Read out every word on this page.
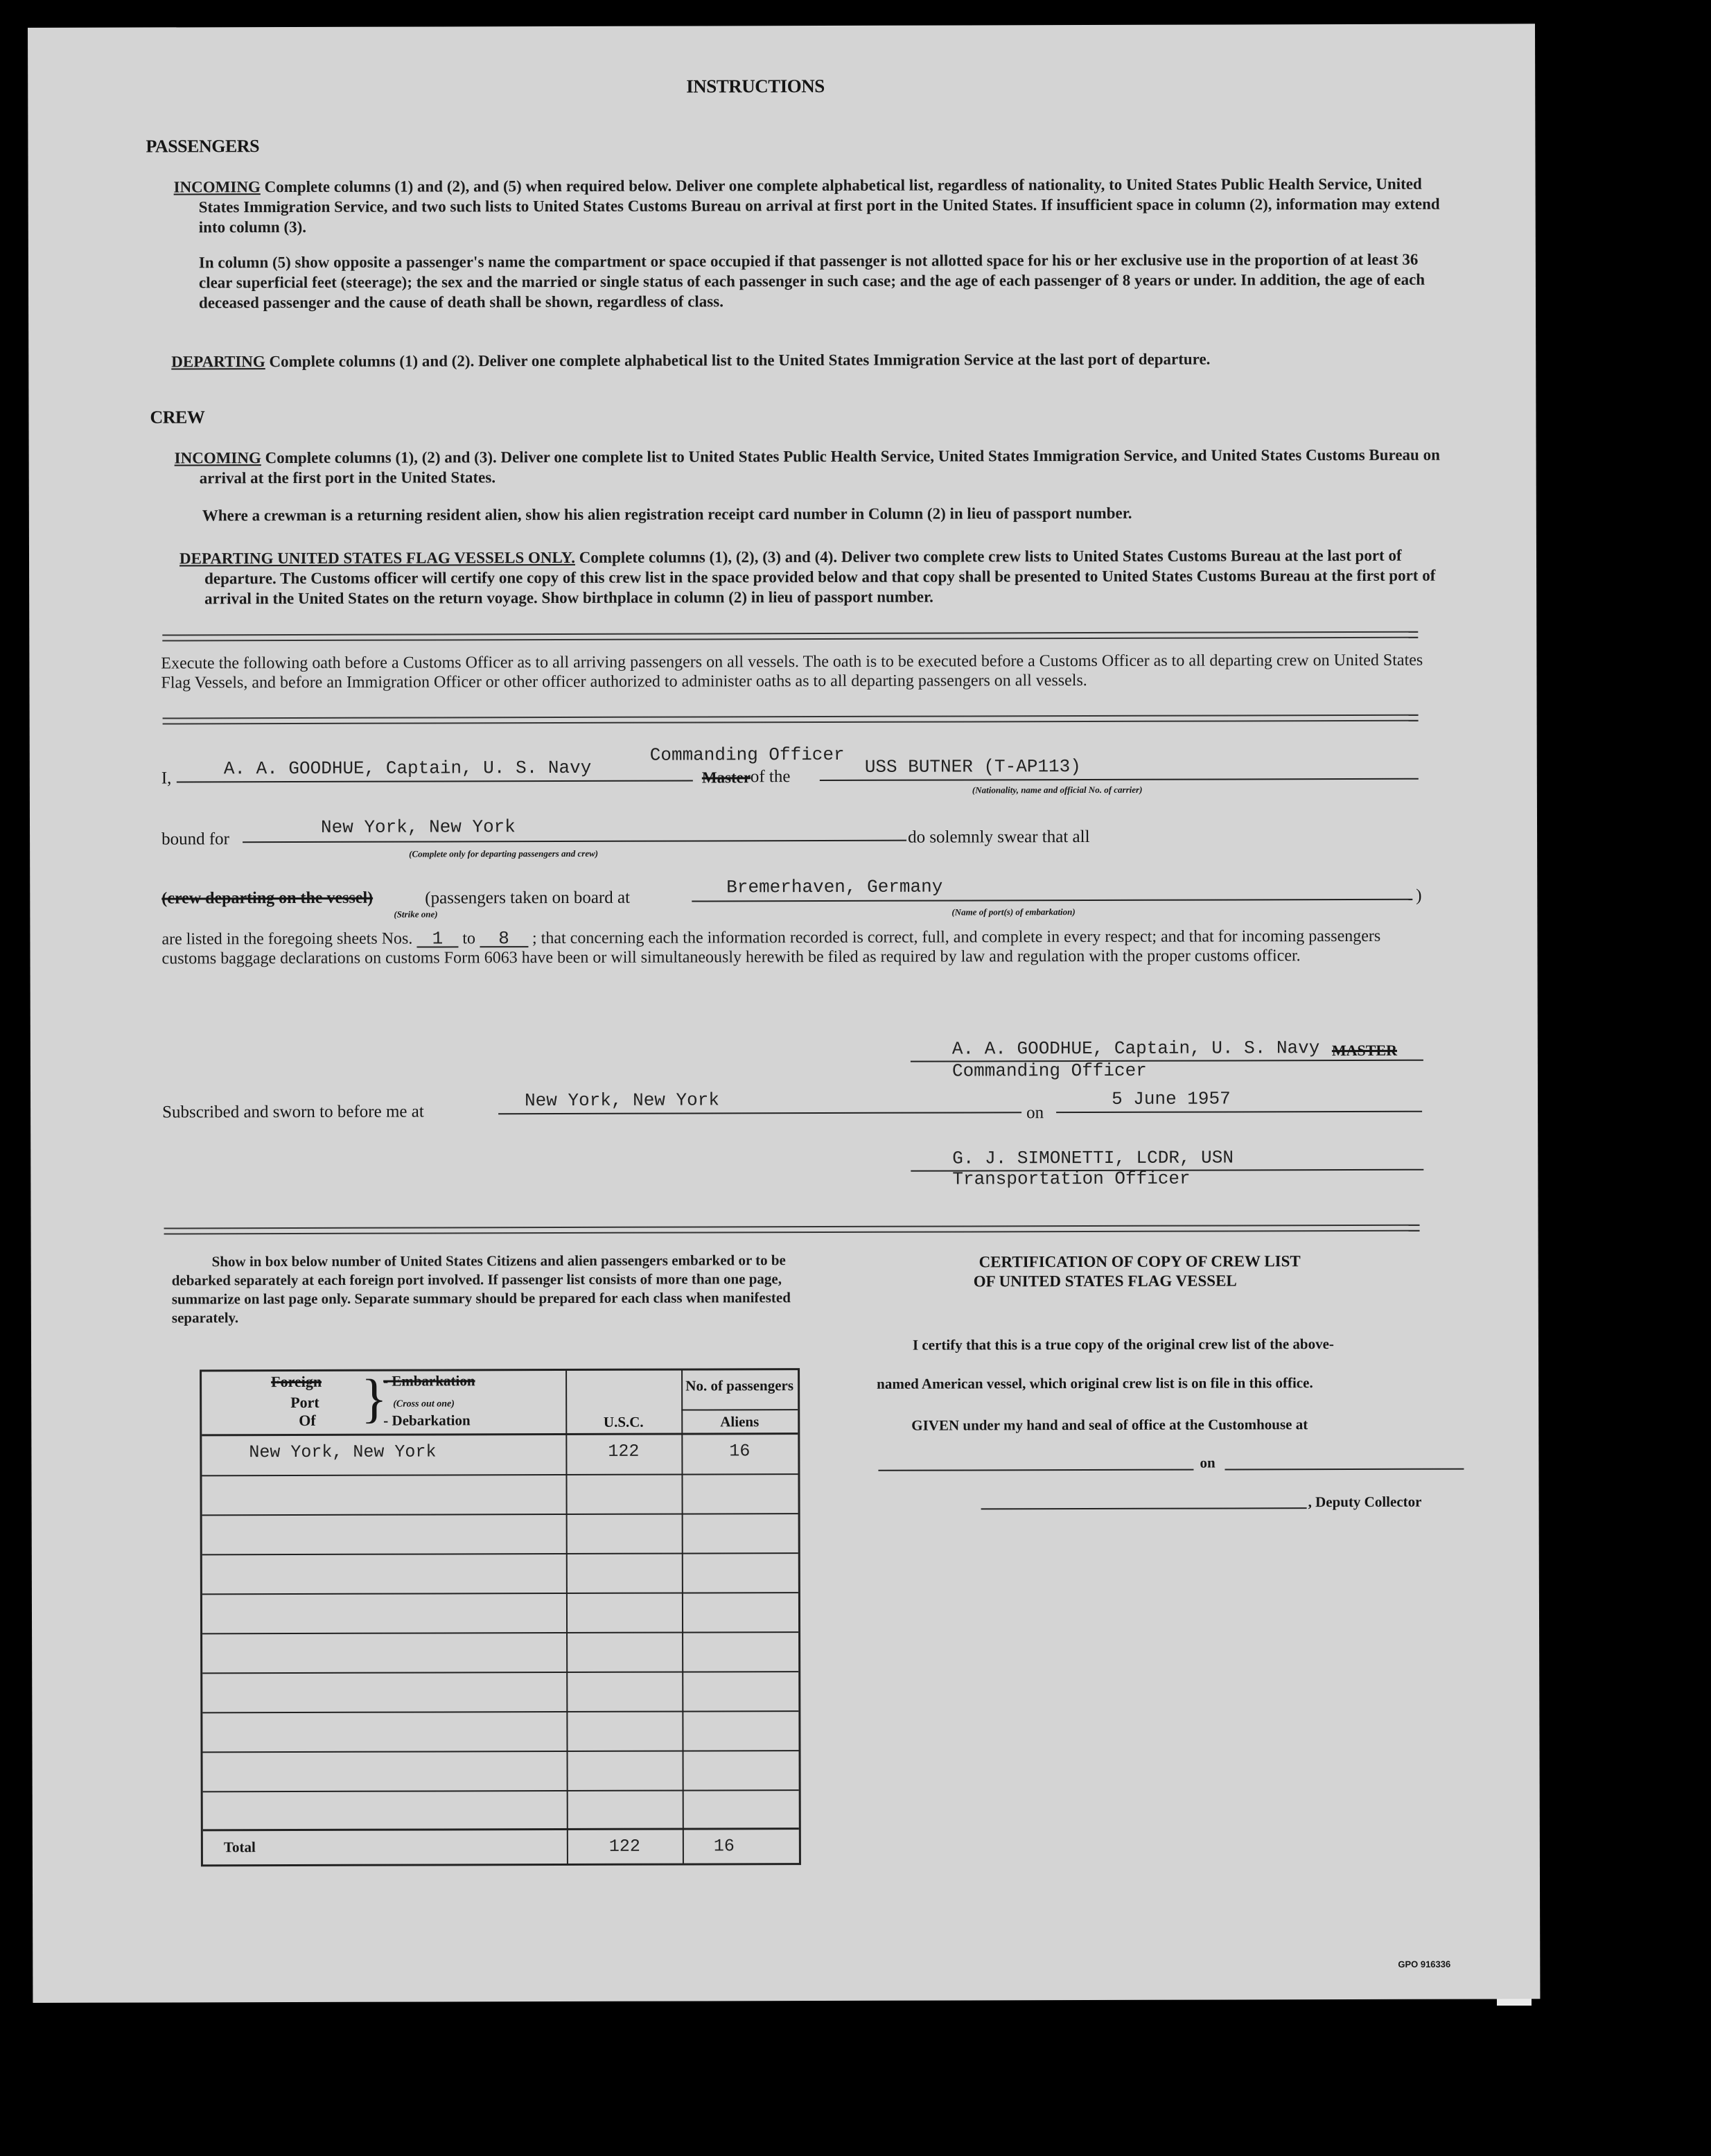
INSTRUCTIONS
PASSENGERS
INCOMING Complete columns (1) and (2), and (5) when required below. Deliver one complete alphabetical list, regardless of nationality, to United States Public Health Service, United States Immigration Service, and two such lists to United States Customs Bureau on arrival at first port in the United States. If insufficient space in column (2), information may extend into column (3).
In column (5) show opposite a passenger's name the compartment or space occupied if that passenger is not allotted space for his or her exclusive use in the proportion of at least 36 clear superficial feet (steerage); the sex and the married or single status of each passenger in such case; and the age of each passenger of 8 years or under. In addition, the age of each deceased passenger and the cause of death shall be shown, regardless of class.
DEPARTING Complete columns (1) and (2). Deliver one complete alphabetical list to the United States Immigration Service at the last port of departure.
CREW
INCOMING Complete columns (1), (2) and (3). Deliver one complete list to United States Public Health Service, United States Immigration Service, and United States Customs Bureau on arrival at the first port in the United States.
Where a crewman is a returning resident alien, show his alien registration receipt card number in Column (2) in lieu of passport number.
DEPARTING UNITED STATES FLAG VESSELS ONLY. Complete columns (1), (2), (3) and (4). Deliver two complete crew lists to United States Customs Bureau at the last port of departure. The Customs officer will certify one copy of this crew list in the space provided below and that copy shall be presented to United States Customs Bureau at the first port of arrival in the United States on the return voyage. Show birthplace in column (2) in lieu of passport number.
Execute the following oath before a Customs Officer as to all arriving passengers on all vessels. The oath is to be executed before a Customs Officer as to all departing crew on United States Flag Vessels, and before an Immigration Officer or other officer authorized to administer oaths as to all departing passengers on all vessels.
I,	A. A. GOODHUE, Captain, U. S. Navy
Commanding Officer
Master of the	USS BUTNER (T-AP113)
(Nationality, name and official No. of carrier)
bound for
New York, New York	do solemnly swear that all
(Complete only for departing passengers and crew)
(crew departing on the vessel)	(passengers taken on board at
(Strike one)
Bremerhaven, Germany	)
(Name of port(s) of embarkation)
are listed in the foregoing sheets Nos. 1 to 8 ; that concerning each the information recorded is correct, full, and complete in every respect; and that for incoming passengers customs baggage declarations on customs Form 6063 have been or will simultaneously herewith be filed as required by law and regulation with the proper customs officer.
A. A. GOODHUE, Captain, U. S. Navy MASTER
Commanding Officer
Subscribed and sworn to before me at
New York, New York
on
5 June 1957
G. J. SIMONETTI, LCDR, USN
Transportation Officer
Show in box below number of United States Citizens and alien passengers embarked or to be debarked separately at each foreign port involved. If passenger list consists of more than one page, summarize on last page only. Separate summary should be prepared for each class when manifested separately.
Foreign
Port
Of }
- Embarkation
(Cross out one)
- Debarkation
No. of passengers
U.S.C.	Aliens
New York, New York	122	16
Total	122	16
CERTIFICATION OF COPY OF CREW LIST
OF UNITED STATES FLAG VESSEL
I certify that this is a true copy of the original crew list of the above-
named American vessel, which original crew list is on file in this office.
GIVEN under my hand and seal of office at the Customhouse at
on
, Deputy Collector
GPO 916336
